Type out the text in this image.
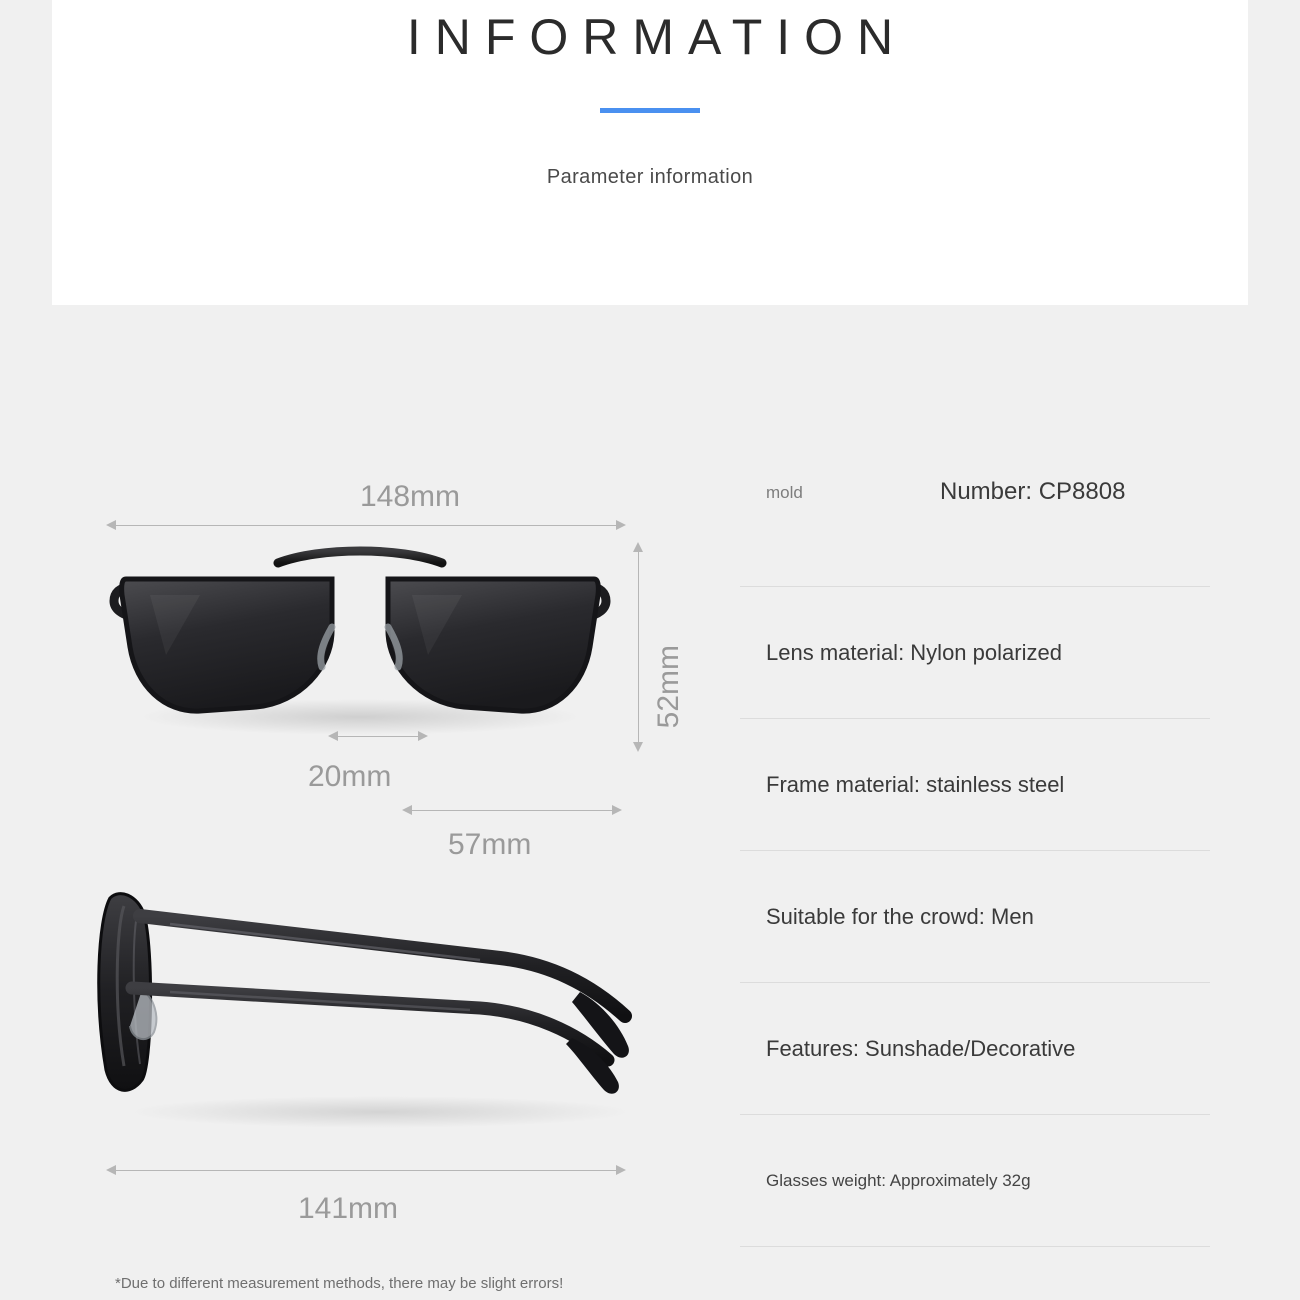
INFORMATION
Parameter information
148mm
52mm
20mm
57mm
141mm
*Due to different measurement methods, there may be slight errors!
mold	Number: CP8808
Lens material: Nylon polarized
Frame material: stainless steel
Suitable for the crowd: Men
Features: Sunshade/Decorative
Glasses weight: Approximately 32g
